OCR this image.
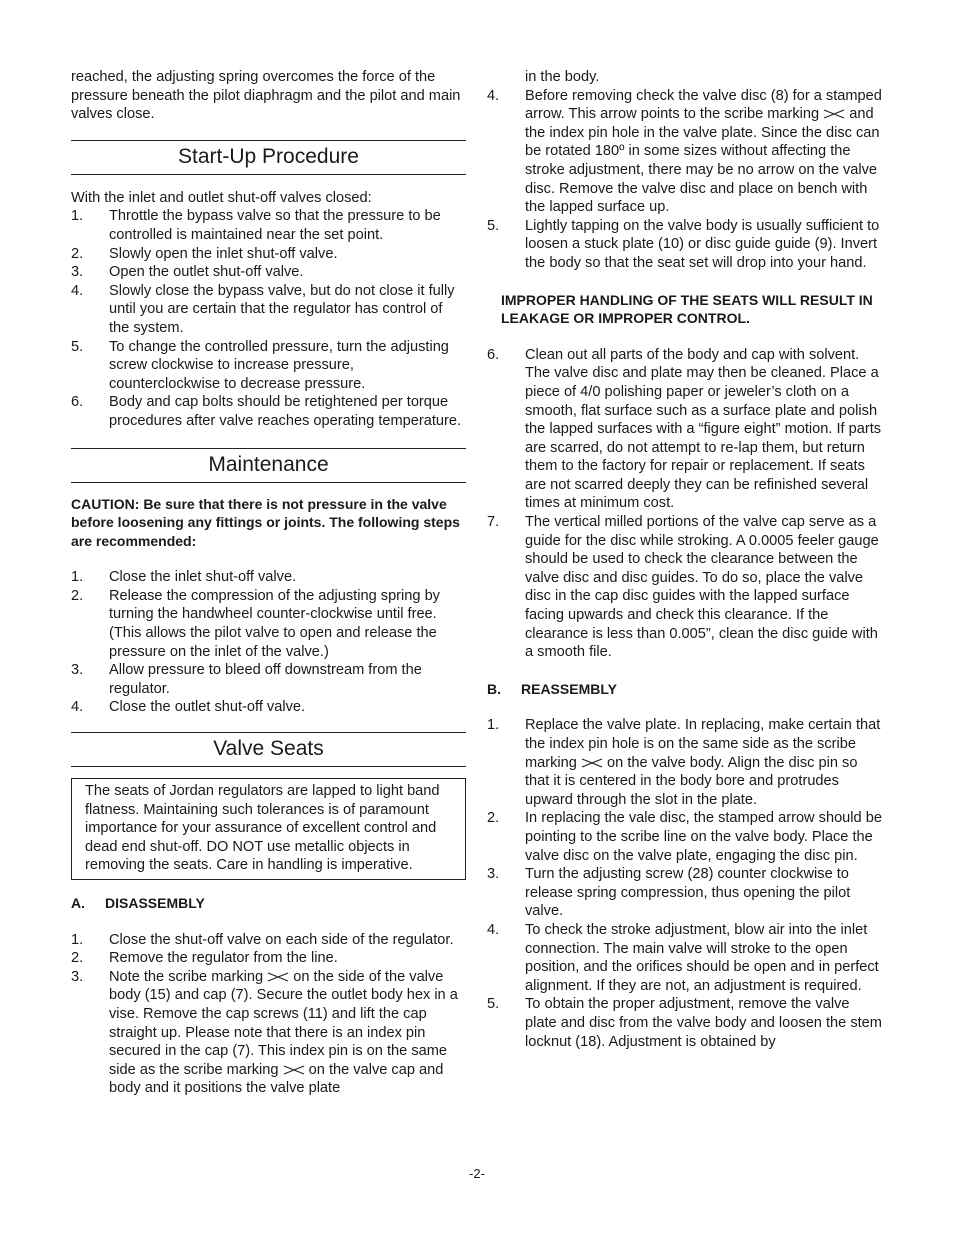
reached, the adjusting spring overcomes the force of the pressure beneath the pilot diaphragm and the pilot and main valves close.

Start-Up Procedure

With the inlet and outlet shut-off valves closed:

1. Throttle the bypass valve so that the pressure to be controlled is maintained near the set point.
2. Slowly open the inlet shut-off valve.
3. Open the outlet shut-off valve.
4. Slowly close the bypass valve, but do not close it fully until you are certain that the regulator has control of the system.
5. To change the controlled pressure, turn the adjusting screw clockwise to increase pressure, counterclockwise to decrease pressure.
6. Body and cap bolts should be retightened per torque procedures after valve reaches operating temperature.
Maintenance

CAUTION: Be sure that there is not pressure in the valve before loosening any fittings or joints. The following steps are recommended:

1. Close the inlet shut-off valve.
2. Release the compression of the adjusting spring by turning the handwheel counter-clockwise until free. (This allows the pilot valve to open and release the pressure on the inlet of the valve.)
3. Allow pressure to bleed off downstream from the regulator.
4. Close the outlet shut-off valve.
Valve Seats
The seats of Jordan regulators are lapped to light band flatness. Maintaining such tolerances is of paramount importance for your assurance of excellent control and dead end shut-off. DO NOT use metallic objects in removing the seats. Care in handling is imperative.

A. DISASSEMBLY

1. Close the shut-off valve on each side of the regulator.
2. Remove the regulator from the line.
3. Note the scribe marking on the side of the valve body (15) and cap (7). Secure the outlet body hex in a vise. Remove the cap screws (11) and lift the cap straight up. Please note that there is an index pin secured in the cap (7). This index pin is on the same side as the scribe marking on the valve cap and body and it positions the valve plate
in the body.
4. Before removing check the valve disc (8) for a stamped arrow. This arrow points to the scribe marking and the index pin hole in the valve plate. Since the disc can be rotated 180º in some sizes without affecting the stroke adjustment, there may be no arrow on the valve disc. Remove the valve disc and place on bench with the lapped surface up.
5. Lightly tapping on the valve body is usually sufficient to loosen a stuck plate (10) or disc guide guide (9). Invert the body so that the seat set will drop into your hand.

IMPROPER HANDLING OF THE SEATS WILL RESULT IN LEAKAGE OR IMPROPER CONTROL.

6. Clean out all parts of the body and cap with solvent. The valve disc and plate may then be cleaned. Place a piece of 4/0 polishing paper or jeweler’s cloth on a smooth, flat surface such as a surface plate and polish the lapped surfaces with a “figure eight” motion. If parts are scarred, do not attempt to re-lap them, but return them to the factory for repair or replacement. If seats are not scarred deeply they can be refinished several times at minimum cost.
7. The vertical milled portions of the valve cap serve as a guide for the disc while stroking. A 0.0005 feeler gauge should be used to check the clearance between the valve disc and disc guides. To do so, place the valve disc in the cap disc guides with the lapped surface facing upwards and check this clearance. If the clearance is less than 0.005”, clean the disc guide with a smooth file.

B. REASSEMBLY

1. Replace the valve plate. In replacing, make certain that the index pin hole is on the same side as the scribe marking on the valve body. Align the disc pin so that it is centered in the body bore and protrudes upward through the slot in the plate.
2. In replacing the vale disc, the stamped arrow should be pointing to the scribe line on the valve body. Place the valve disc on the valve plate, engaging the disc pin.
3. Turn the adjusting screw (28) counter clockwise to release spring compression, thus opening the pilot valve.
4. To check the stroke adjustment, blow air into the inlet connection. The main valve will stroke to the open position, and the orifices should be open and in perfect alignment. If they are not, an adjustment is required.
5. To obtain the proper adjustment, remove the valve plate and disc from the valve body and loosen the stem locknut (18). Adjustment is obtained by
-2-
